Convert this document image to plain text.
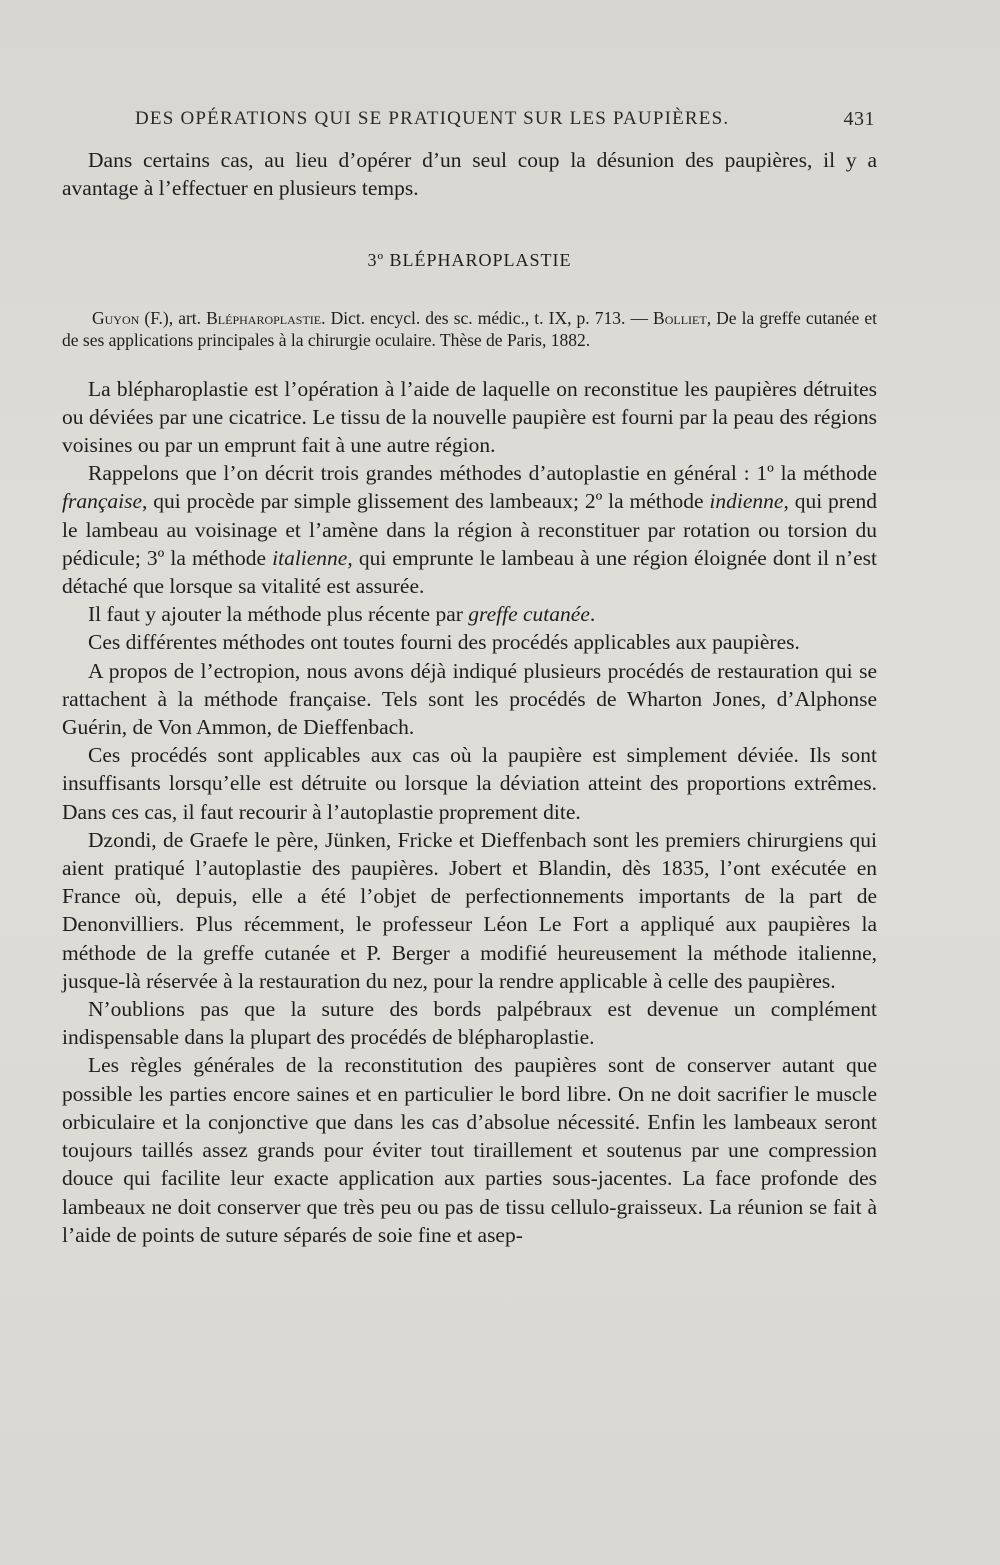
DES OPÉRATIONS QUI SE PRATIQUENT SUR LES PAUPIÈRES.	431

Dans certains cas, au lieu d’opérer d’un seul coup la désunion des paupières, il y a avantage à l’effectuer en plusieurs temps.

3º BLÉPHAROPLASTIE

Guyon (F.), art. Blépharoplastie. Dict. encycl. des sc. médic., t. IX, p. 713. — Bolliet, De la greffe cutanée et de ses applications principales à la chirurgie oculaire. Thèse de Paris, 1882.

La blépharoplastie est l’opération à l’aide de laquelle on reconstitue les paupières détruites ou déviées par une cicatrice. Le tissu de la nouvelle paupière est fourni par la peau des régions voisines ou par un emprunt fait à une autre région.

Rappelons que l’on décrit trois grandes méthodes d’autoplastie en général : 1º la méthode française, qui procède par simple glissement des lambeaux; 2º la méthode indienne, qui prend le lambeau au voisinage et l’amène dans la région à reconstituer par rotation ou torsion du pédicule; 3º la méthode italienne, qui emprunte le lambeau à une région éloignée dont il n’est détaché que lorsque sa vitalité est assurée.

Il faut y ajouter la méthode plus récente par greffe cutanée.

Ces différentes méthodes ont toutes fourni des procédés applicables aux paupières.

A propos de l’ectropion, nous avons déjà indiqué plusieurs procédés de restauration qui se rattachent à la méthode française. Tels sont les procédés de Wharton Jones, d’Alphonse Guérin, de Von Ammon, de Dieffenbach.

Ces procédés sont applicables aux cas où la paupière est simplement déviée. Ils sont insuffisants lorsqu’elle est détruite ou lorsque la déviation atteint des proportions extrêmes. Dans ces cas, il faut recourir à l’autoplastie proprement dite.

Dzondi, de Graefe le père, Jünken, Fricke et Dieffenbach sont les premiers chirurgiens qui aient pratiqué l’autoplastie des paupières. Jobert et Blandin, dès 1835, l’ont exécutée en France où, depuis, elle a été l’objet de perfectionnements importants de la part de Denonvilliers. Plus récemment, le professeur Léon Le Fort a appliqué aux paupières la méthode de la greffe cutanée et P. Berger a modifié heureusement la méthode italienne, jusque-là réservée à la restauration du nez, pour la rendre applicable à celle des paupières.

N’oublions pas que la suture des bords palpébraux est devenue un complément indispensable dans la plupart des procédés de blépharoplastie.

Les règles générales de la reconstitution des paupières sont de conserver autant que possible les parties encore saines et en particulier le bord libre. On ne doit sacrifier le muscle orbiculaire et la conjonctive que dans les cas d’absolue nécessité. Enfin les lambeaux seront toujours taillés assez grands pour éviter tout tiraillement et soutenus par une compression douce qui facilite leur exacte application aux parties sous-jacentes. La face profonde des lambeaux ne doit conserver que très peu ou pas de tissu cellulo-graisseux. La réunion se fait à l’aide de points de suture séparés de soie fine et asep-
